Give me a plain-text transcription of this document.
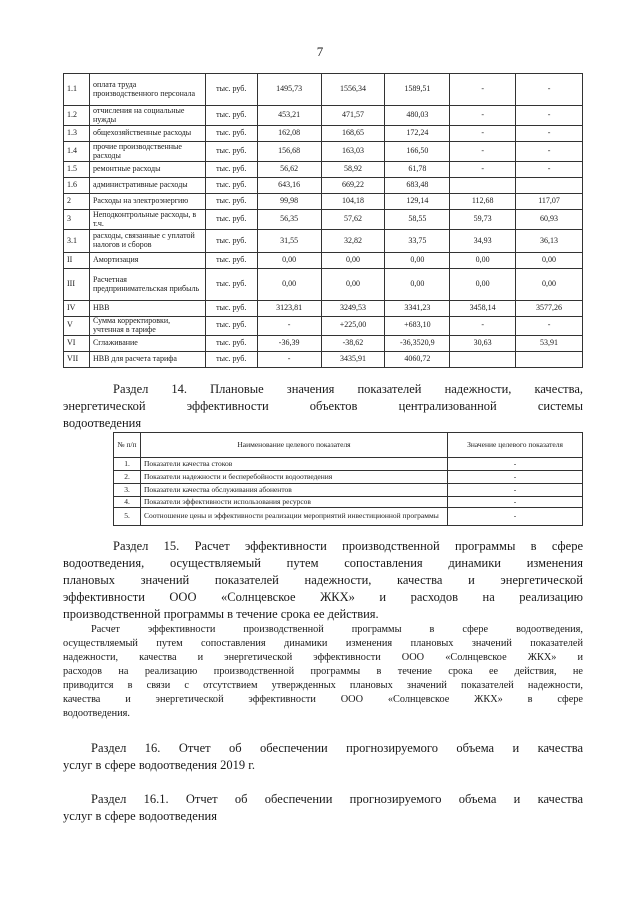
7
1.1	оплата труда производственного персонала	тыс. руб.	1495,73	1556,34	1589,51	-	-
1.2	отчисления на социальные нужды	тыс. руб.	453,21	471,57	480,03	-	-
1.3	общехозяйственные расходы	тыс. руб.	162,08	168,65	172,24	-	-
1.4	прочие производственные расходы	тыс. руб.	156,68	163,03	166,50	-	-
1.5	ремонтные расходы	тыс. руб.	56,62	58,92	61,78	-	-
1.6	административные расходы	тыс. руб.	643,16	669,22	683,48		
2	Расходы на электроэнергию	тыс. руб.	99,98	104,18	129,14	112,68	117,07
3	Неподконтрольные расходы, в т.ч.	тыс. руб.	56,35	57,62	58,55	59,73	60,93
3.1	расходы, связанные с уплатой налогов и сборов	тыс. руб.	31,55	32,82	33,75	34,93	36,13
II	Амортизация	тыс. руб.	0,00	0,00	0,00	0,00	0,00
III	Расчетная предпринимательская прибыль	тыс. руб.	0,00	0,00	0,00	0,00	0,00
IV	НВВ	тыс. руб.	3123,81	3249,53	3341,23	3458,14	3577,26
V	Сумма корректировки, учтенная в тарифе	тыс. руб.	-	+225,00	+683,10	-	-
VI	Сглаживание	тыс. руб.	-36,39	-38,62	-36,3520,9	30,63	53,91
VII	НВВ для расчета тарифа	тыс. руб.	-	3435,91	4060,72		
Раздел 14. Плановые значения показателей надежности, качества,
энергетической эффективности объектов централизованной системы
водоотведения
№ п/п	Наименование целевого показателя	Значение целевого показателя
1.	Показатели качества стоков	-
2.	Показатели надежности и бесперебойности водоотведения	-
3.	Показатели качества обслуживания абонентов	-
4.	Показатели эффективности использования ресурсов	-
5.	Соотношение цены и эффективности реализации мероприятий инвестиционной программы	-
Раздел 15. Расчет эффективности производственной программы в сфере
водоотведения, осуществляемый путем сопоставления динамики изменения
плановых значений показателей надежности, качества и энергетической
эффективности ООО «Солнцевское ЖКХ» и расходов на реализацию
производственной программы в течение срока ее действия.
Расчет эффективности производственной программы в сфере водоотведения,
осуществляемый путем сопоставления динамики изменения плановых значений показателей
надежности, качества и энергетической эффективности ООО «Солнцевское ЖКХ» и
расходов на реализацию производственной программы в течение срока ее действия, не
приводится в связи с отсутствием утвержденных плановых значений показателей надежности,
качества и энергетической эффективности ООО «Солнцевское ЖКХ» в сфере
водоотведения.
Раздел 16. Отчет об обеспечении прогнозируемого объема и качества
услуг в сфере водоотведения 2019 г.
Раздел 16.1. Отчет об обеспечении прогнозируемого объема и качества
услуг в сфере водоотведения
